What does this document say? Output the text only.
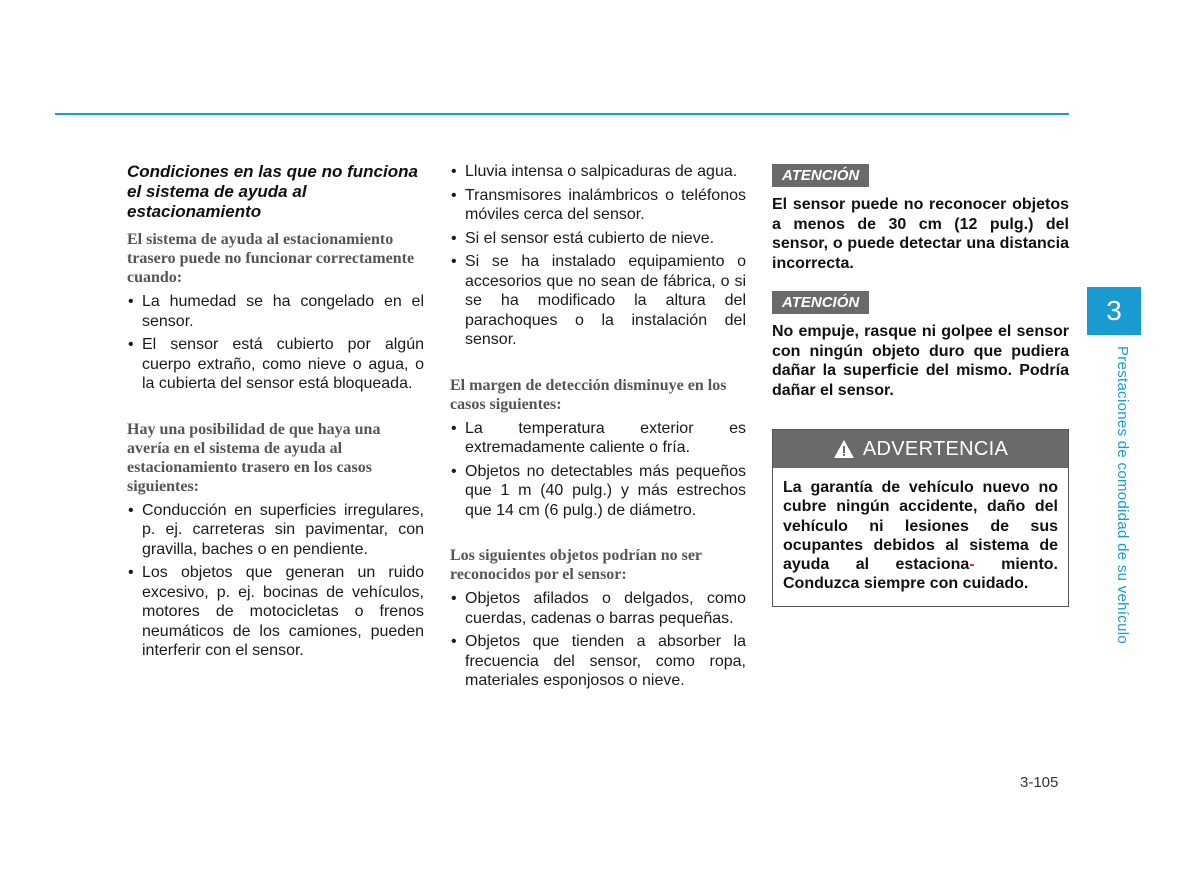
Condiciones en las que no funciona el sistema de ayuda al estacionamiento

El sistema de ayuda al estacionamiento trasero puede no funcionar correctamente cuando:

• La humedad se ha congelado en el sensor.
• El sensor está cubierto por algún cuerpo extraño, como nieve o agua, o la cubierta del sensor está bloqueada.

Hay una posibilidad de que haya una avería en el sistema de ayuda al estacionamiento trasero en los casos siguientes:

• Conducción en superficies irregulares, p. ej. carreteras sin pavimentar, con gravilla, baches o en pendiente.
• Los objetos que generan un ruido excesivo, p. ej. bocinas de vehículos, motores de motocicletas o frenos neumáticos de los camiones, pueden interferir con el sensor.
• Lluvia intensa o salpicaduras de agua.
• Transmisores inalámbricos o teléfonos móviles cerca del sensor.
• Si el sensor está cubierto de nieve.
• Si se ha instalado equipamiento o accesorios que no sean de fábrica, o si se ha modificado la altura del parachoques o la instalación del sensor.

El margen de detección disminuye en los casos siguientes:

• La temperatura exterior es extremadamente caliente o fría.
• Objetos no detectables más pequeños que 1 m (40 pulg.) y más estrechos que 14 cm (6 pulg.) de diámetro.

Los siguientes objetos podrían no ser reconocidos por el sensor:

• Objetos afilados o delgados, como cuerdas, cadenas o barras pequeñas.
• Objetos que tienden a absorber la frecuencia del sensor, como ropa, materiales esponjosos o nieve.
ATENCIÓN

El sensor puede no reconocer objetos a menos de 30 cm (12 pulg.) del sensor, o puede detectar una distancia incorrecta.

ATENCIÓN

No empuje, rasque ni golpee el sensor con ningún objeto duro que pudiera dañar la superficie del mismo. Podría dañar el sensor.

ADVERTENCIA
La garantía de vehículo nuevo no cubre ningún accidente, daño del vehículo ni lesiones de sus ocupantes debidos al sistema de ayuda al estaciona- miento. Conduzca siempre con cuidado.
3
Prestaciones de comodidad de su vehículo
3-105
